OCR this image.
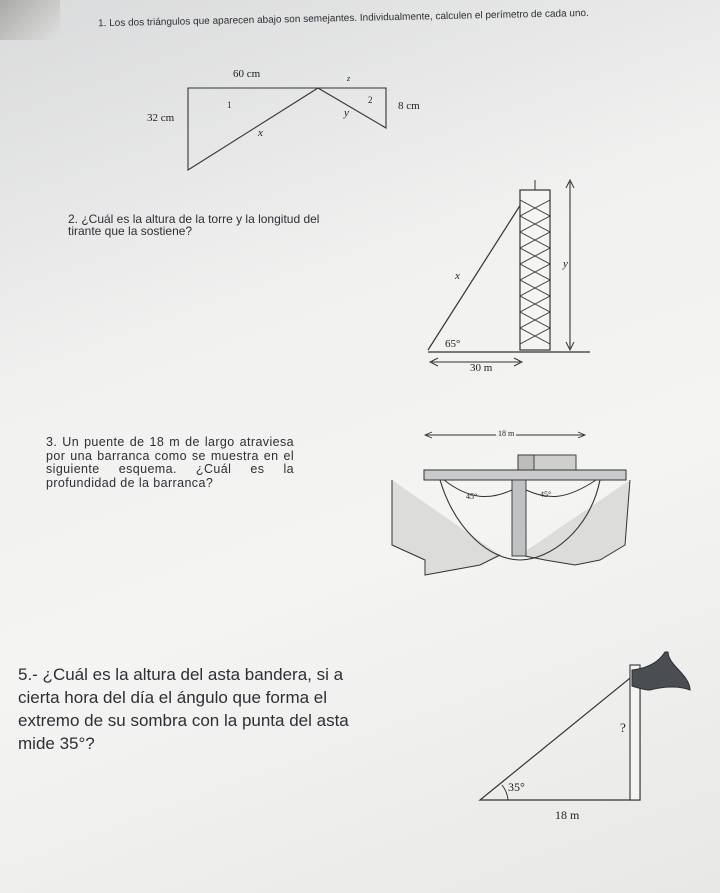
1. Los dos triángulos que aparecen abajo son semejantes. Individualmente, calculen el perímetro de cada uno.

60 cm
32 cm
8 cm
x
y
1	2
z

2. ¿Cuál es la altura de la torre y la longitud del tirante que la sostiene?

x
y
65°
30 m

3. Un puente de 18 m de largo atraviesa por una barranca como se muestra en el siguiente esquema. ¿Cuál es la profundidad de la barranca?

18 m
45°	45°

5.- ¿Cuál es la altura del asta bandera, si a cierta hora del día el ángulo que forma el extremo de su sombra con la punta del asta mide 35°?

?
35°
18 m
